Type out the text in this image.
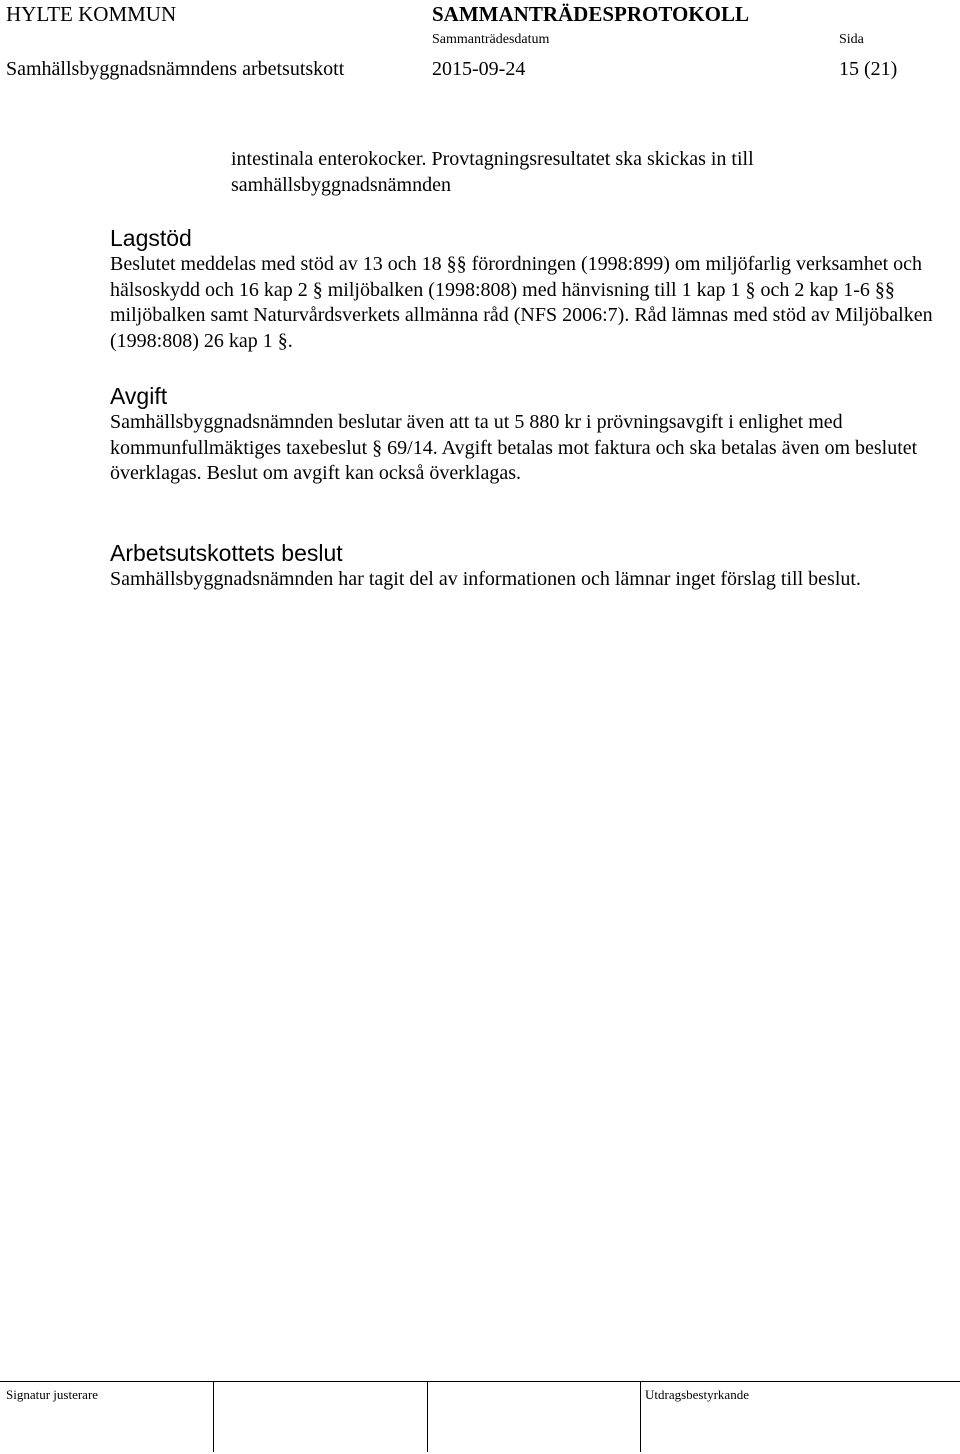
HYLTE KOMMUN	SAMMANTRÄDESPROTOKOLL
Sammanträdesdatum	Sida
Samhällsbyggnadsnämndens arbetsutskott	2015-09-24	15 (21)
intestinala enterokocker. Provtagningsresultatet ska skickas in till samhällsbyggnadsnämnden
Lagstöd

Beslutet meddelas med stöd av 13 och 18 §§ förordningen (1998:899) om miljöfarlig verksamhet och hälsoskydd och 16 kap 2 § miljöbalken (1998:808) med hänvisning till 1 kap 1 § och 2 kap 1-6 §§ miljöbalken samt Naturvårdsverkets allmänna råd (NFS 2006:7). Råd lämnas med stöd av Miljöbalken (1998:808) 26 kap 1 §.

Avgift

Samhällsbyggnadsnämnden beslutar även att ta ut 5 880 kr i prövningsavgift i enlighet med kommunfullmäktiges taxebeslut § 69/14. Avgift betalas mot faktura och ska betalas även om beslutet överklagas. Beslut om avgift kan också överklagas.

Arbetsutskottets beslut

Samhällsbyggnadsnämnden har tagit del av informationen och lämnar inget förslag till beslut.

Signatur justerare	Utdragsbestyrkande
